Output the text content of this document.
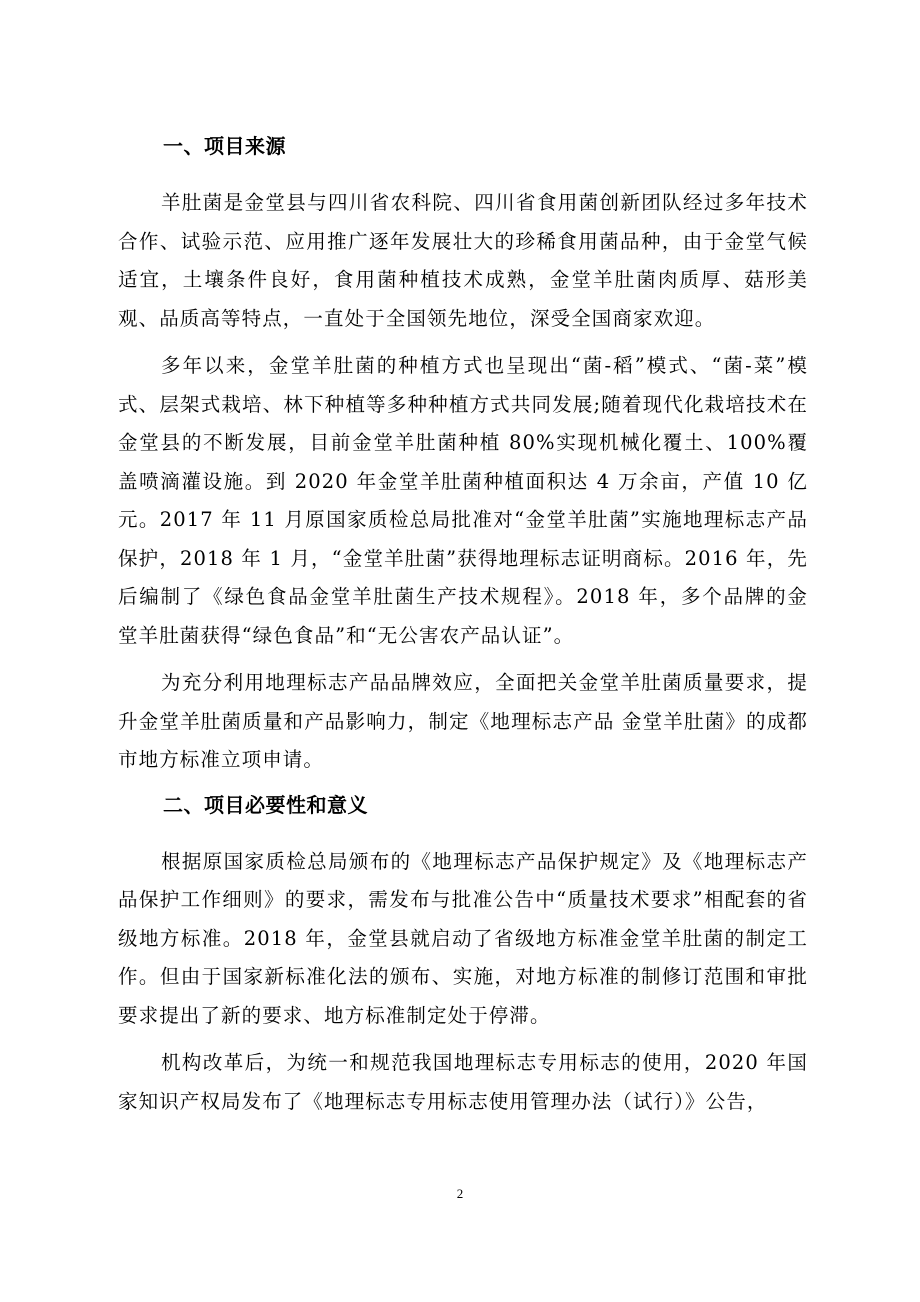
一、项目来源

羊肚菌是金堂县与四川省农科院、四川省食用菌创新团队经过多年技术合作、试验示范、应用推广逐年发展壮大的珍稀食用菌品种，由于金堂气候适宜，土壤条件良好，食用菌种植技术成熟，金堂羊肚菌肉质厚、菇形美观、品质高等特点，一直处于全国领先地位，深受全国商家欢迎。

多年以来，金堂羊肚菌的种植方式也呈现出“菌-稻”模式、“菌-菜”模式、层架式栽培、林下种植等多种种植方式共同发展;随着现代化栽培技术在金堂县的不断发展，目前金堂羊肚菌种植 80%实现机械化覆土、100%覆盖喷滴灌设施。到 2020 年金堂羊肚菌种植面积达 4 万余亩，产值 10 亿元。2017 年 11 月原国家质检总局批准对“金堂羊肚菌”实施地理标志产品保护，2018 年 1 月，“金堂羊肚菌”获得地理标志证明商标。2016 年，先后编制了《绿色食品金堂羊肚菌生产技术规程》。2018 年，多个品牌的金堂羊肚菌获得“绿色食品”和“无公害农产品认证”。

为充分利用地理标志产品品牌效应，全面把关金堂羊肚菌质量要求，提升金堂羊肚菌质量和产品影响力，制定《地理标志产品 金堂羊肚菌》的成都市地方标准立项申请。

二、项目必要性和意义

根据原国家质检总局颁布的《地理标志产品保护规定》及《地理标志产品保护工作细则》的要求，需发布与批准公告中“质量技术要求”相配套的省级地方标准。2018 年，金堂县就启动了省级地方标准金堂羊肚菌的制定工作。但由于国家新标准化法的颁布、实施，对地方标准的制修订范围和审批要求提出了新的要求、地方标准制定处于停滞。

机构改革后，为统一和规范我国地理标志专用标志的使用，2020 年国家知识产权局发布了《地理标志专用标志使用管理办法（试行）》公告，

2
